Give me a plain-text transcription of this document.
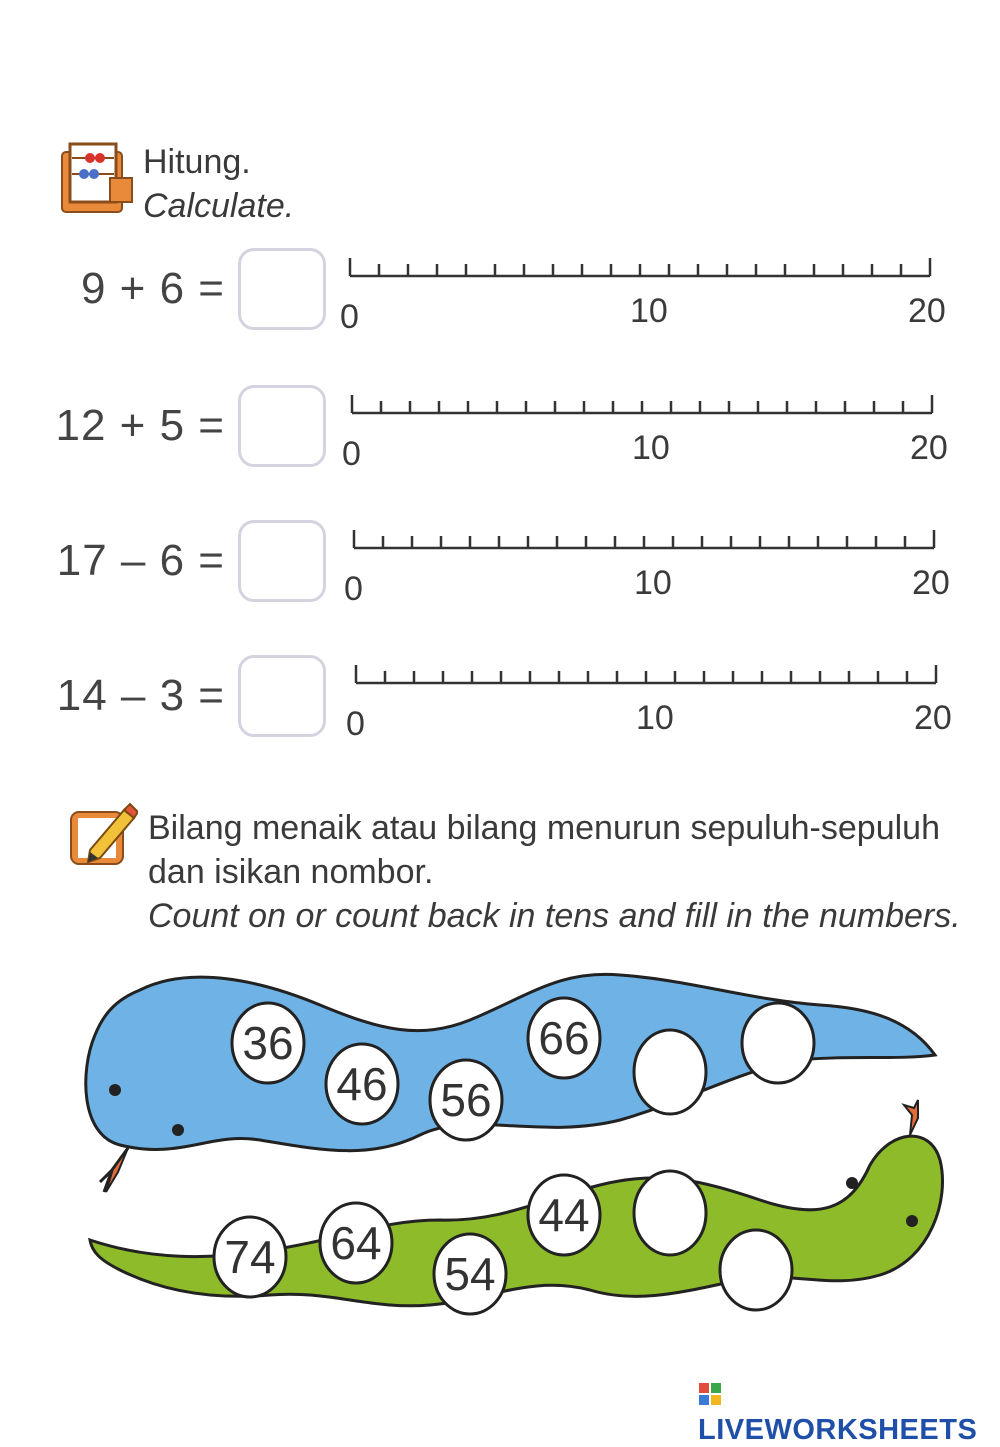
Hitung.
Calculate.
9 + 6 =
0	10	20
12 + 5 =
0	10	20
17 – 6 =
0	10	20
14 – 3 =
0	10	20
Bilang menaik atau bilang menurun sepuluh-sepuluh
dan isikan nombor.
Count on or count back in tens and fill in the numbers.
36
46 56
66
74 64
54
44
LIVEWORKSHEETS
